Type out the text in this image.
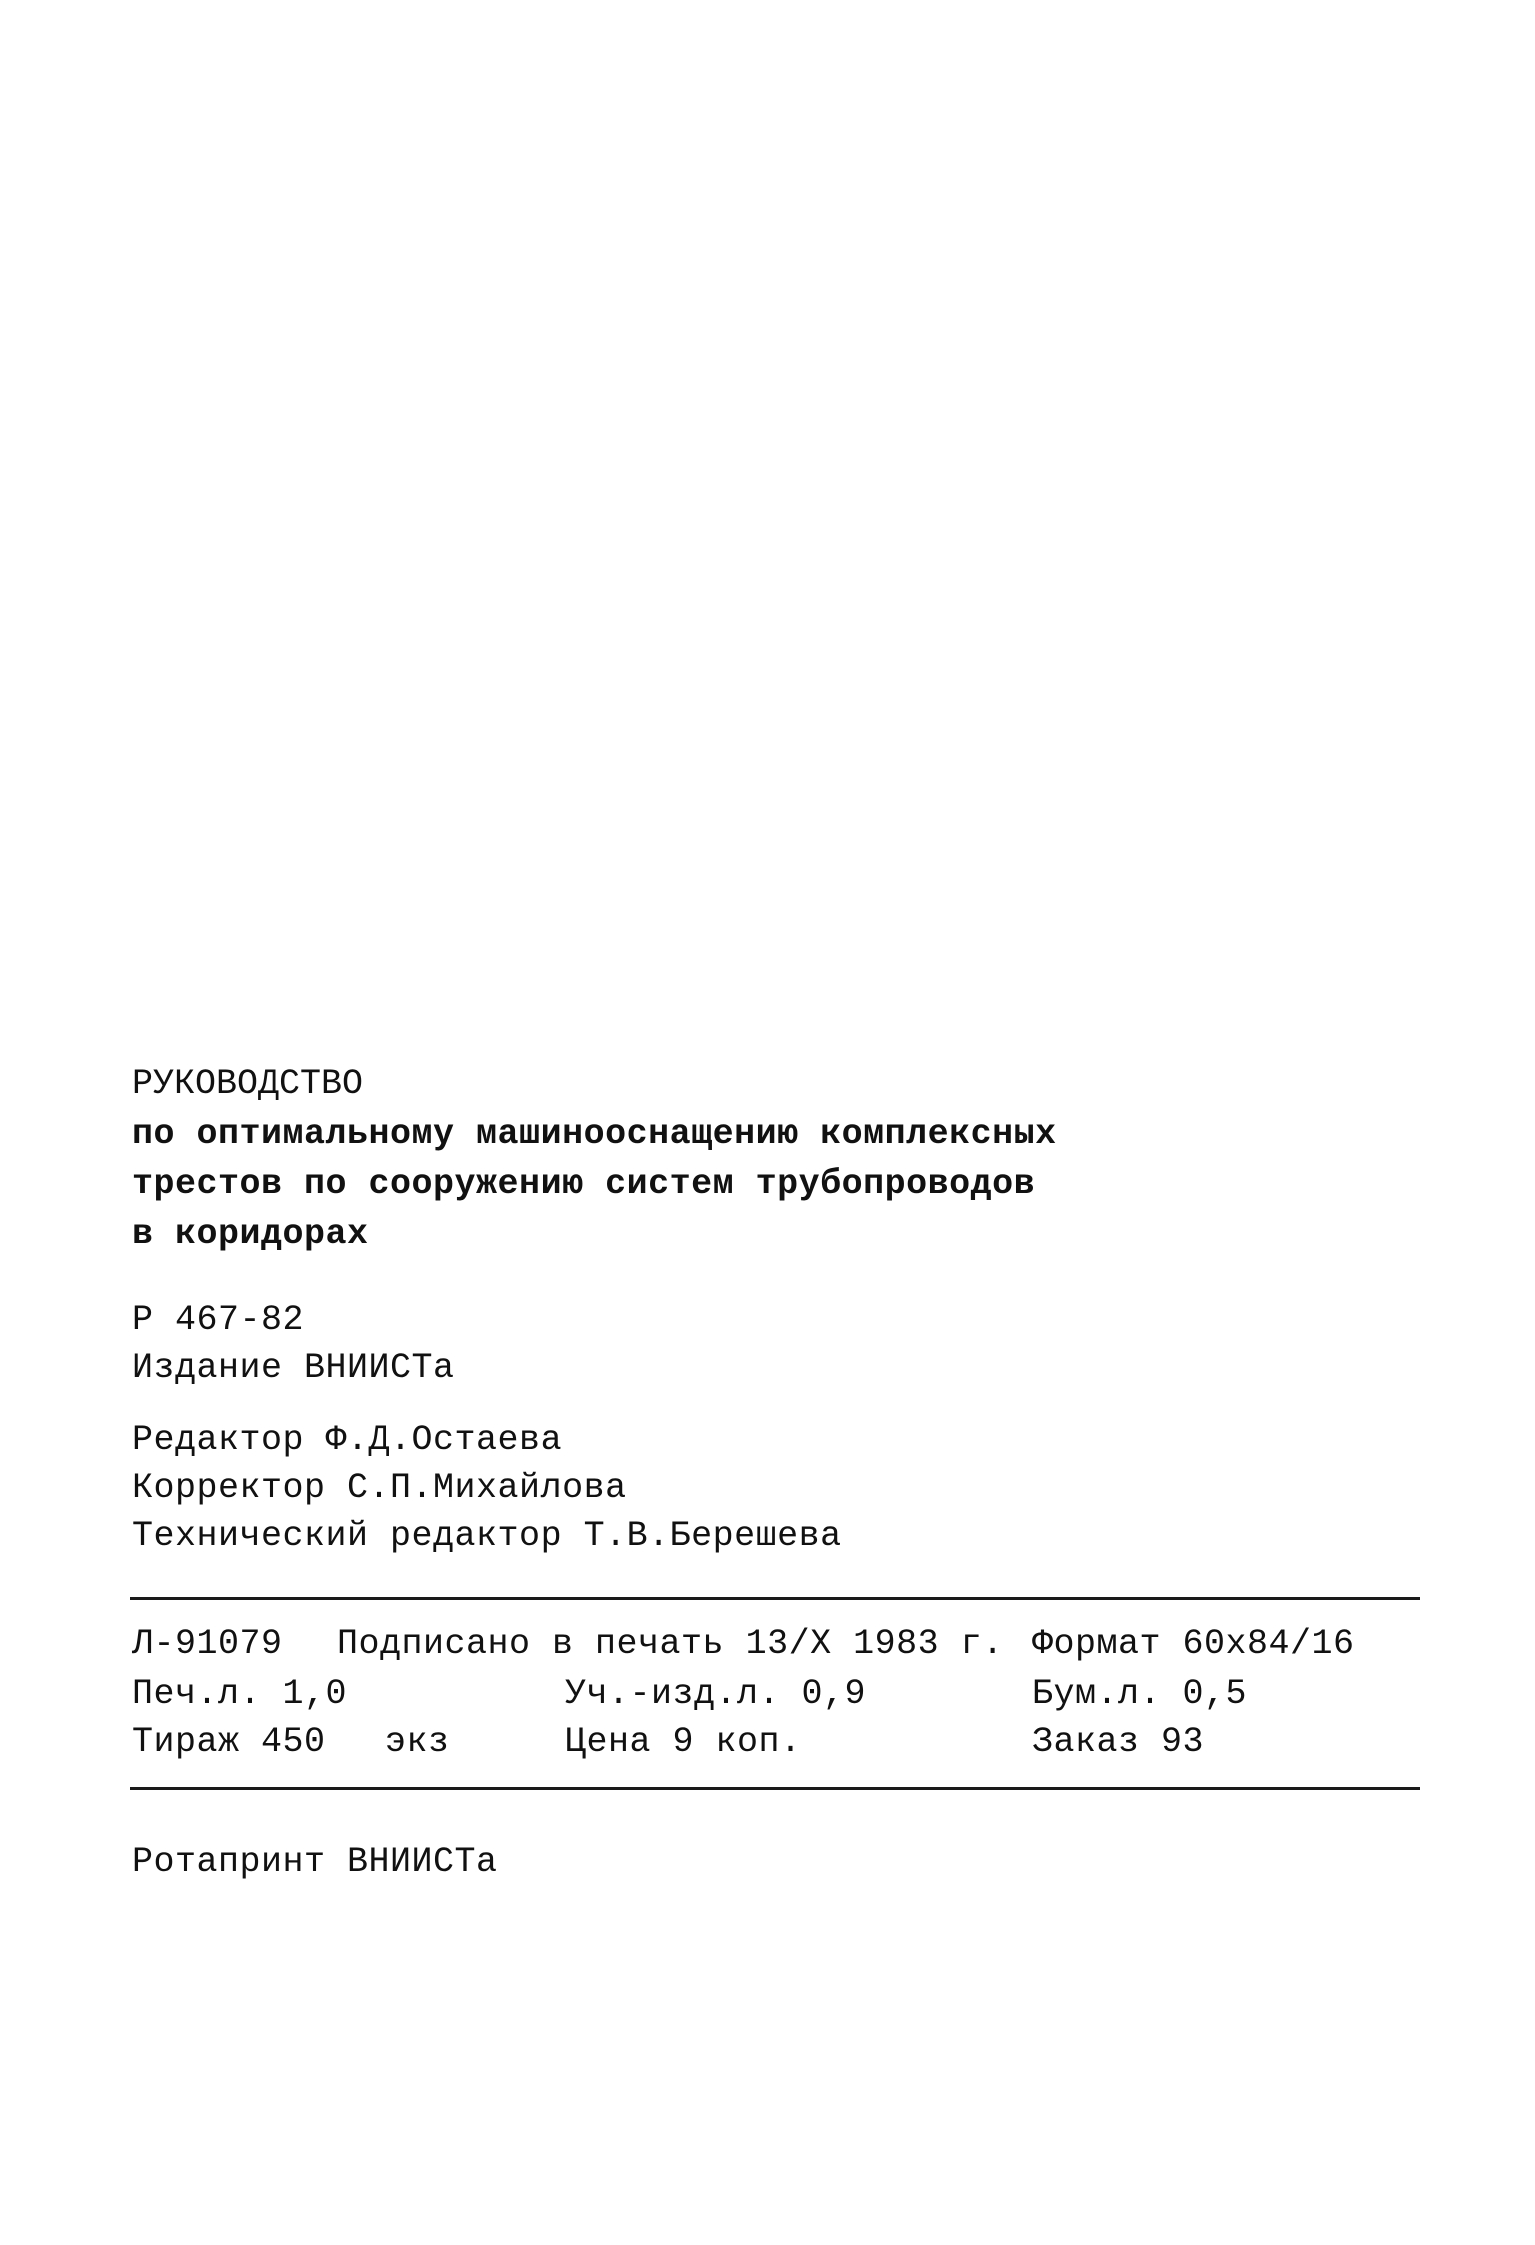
РУКОВОДСТВО
по оптимальному машинооснащению комплексных
трестов по сооружению систем трубопроводов
в коридорах
Р 467-82
Издание ВНИИСТа
Редактор Ф.Д.Остаева
Корректор С.П.Михайлова
Технический редактор Т.В.Берешева
Л-91079 Подписано в печать 13/Х 1983 г. Формат 60х84/16
Печ.л. 1,0	Уч.-изд.л. 0,9	Бум.л. 0,5
Тираж 450 экз	Цена 9 коп.	Заказ 93
Ротапринт ВНИИСТа
